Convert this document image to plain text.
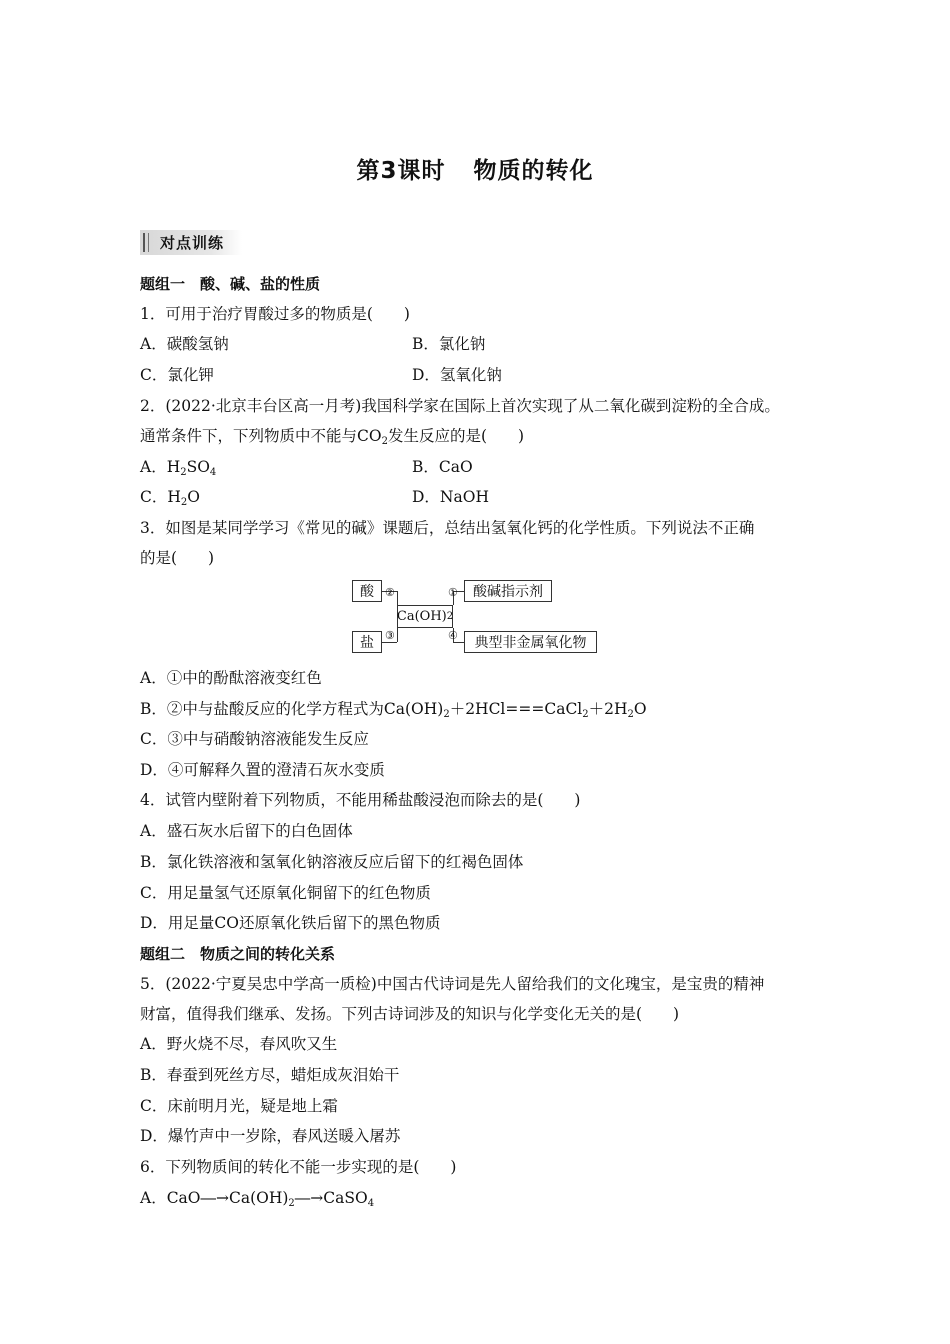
第3课时 物质的转化
对点训练
题组一　酸、碱、盐的性质
1．可用于治疗胃酸过多的物质是(　　)
A．碳酸氢钠	B．氯化钠
C．氯化钾	D．氢氧化钠
2．(2022·北京丰台区高一月考)我国科学家在国际上首次实现了从二氧化碳到淀粉的全合成。
通常条件下，下列物质中不能与$CO_2$发生反应的是(　　)
A．$H_2SO_4$	B．CaO
C．$H_2O$	D．NaOH
3．如图是某同学学习《常见的碱》课题后，总结出氢氧化钙的化学性质。下列说法不正确
的是(　　)
酸
盐
酸碱指示剂
典型非金属氧化物
Ca(OH) 2
②	①
③	④
A．①中的酚酞溶液变红色
B．②中与盐酸反应的化学方程式为$Ca(OH)_2+2HCl===CaCl_2+2H_2O$
C．③中与硝酸钠溶液能发生反应
D．④可解释久置的澄清石灰水变质
4．试管内壁附着下列物质，不能用稀盐酸浸泡而除去的是(　　)
A．盛石灰水后留下的白色固体
B．氯化铁溶液和氢氧化钠溶液反应后留下的红褐色固体
C．用足量氢气还原氧化铜留下的红色物质
D．用足量CO还原氧化铁后留下的黑色物质
题组二　物质之间的转化关系
5．(2022·宁夏吴忠中学高一质检)中国古代诗词是先人留给我们的文化瑰宝，是宝贵的精神
财富，值得我们继承、发扬。下列古诗词涉及的知识与化学变化无关的是(　　)
A．野火烧不尽，春风吹又生
B．春蚕到死丝方尽，蜡炬成灰泪始干
C．床前明月光，疑是地上霜
D．爆竹声中一岁除，春风送暖入屠苏
6．下列物质间的转化不能一步实现的是(　　)
A．$CaO―\to Ca(OH)_2―\to CaSO_4$
